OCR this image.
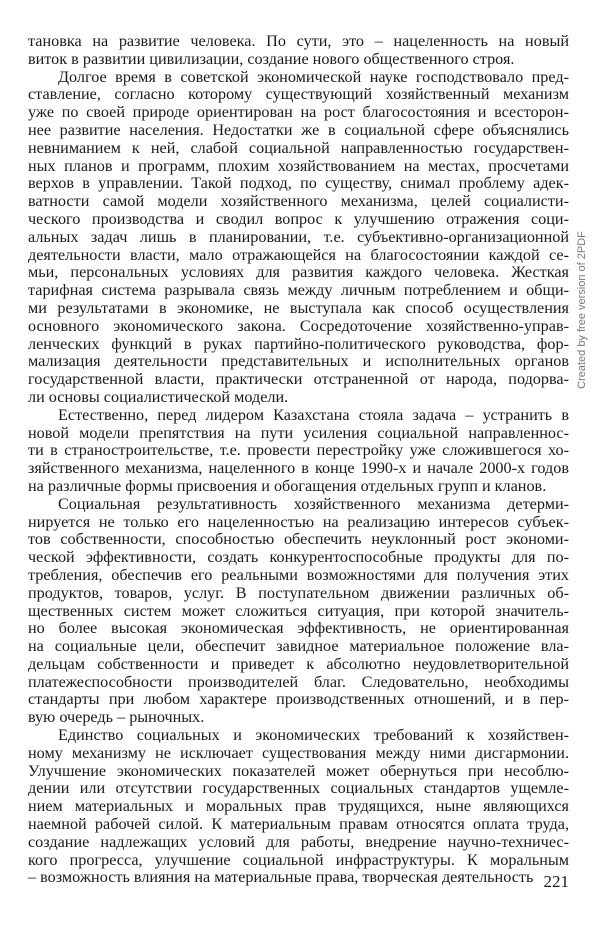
тановка на развитие человека. По сути, это – нацеленность на новый
виток в развитии цивилизации, создание нового общественного строя.
Долгое время в советской экономической науке господствовало пред-
ставление, согласно которому существующий хозяйственный механизм
уже по своей природе ориентирован на рост благосостояния и всесторон-
нее развитие населения. Недостатки же в социальной сфере объяснялись
невниманием к ней, слабой социальной направленностью государствен-
ных планов и программ, плохим хозяйствованием на местах, просчетами
верхов в управлении. Такой подход, по существу, снимал проблему адек-
ватности самой модели хозяйственного механизма, целей социалисти-
ческого производства и сводил вопрос к улучшению отражения соци-
альных задач лишь в планировании, т.е. субъективно-организационной
деятельности власти, мало отражающейся на благосостоянии каждой се-
мьи, персональных условиях для развития каждого человека. Жесткая
тарифная система разрывала связь между личным потреблением и общи-
ми результатами в экономике, не выступала как способ осуществления
основного экономического закона. Сосредоточение хозяйственно-управ-
ленческих функций в руках партийно-политического руководства, фор-
мализация деятельности представительных и исполнительных органов
государственной власти, практически отстраненной от народа, подорва-
ли основы социалистической модели.
Естественно, перед лидером Казахстана стояла задача – устранить в
новой модели препятствия на пути усиления социальной направленнос-
ти в страностроительстве, т.е. провести перестройку уже сложившегося хо-
зяйственного механизма, нацеленного в конце 1990-х и начале 2000-х годов
на различные формы присвоения и обогащения отдельных групп и кланов.
Социальная результативность хозяйственного механизма детерми-
нируется не только его нацеленностью на реализацию интересов субъек-
тов собственности, способностью обеспечить неуклонный рост экономи-
ческой эффективности, создать конкурентоспособные продукты для по-
требления, обеспечив его реальными возможностями для получения этих
продуктов, товаров, услуг. В поступательном движении различных об-
щественных систем может сложиться ситуация, при которой значитель-
но более высокая экономическая эффективность, не ориентированная
на социальные цели, обеспечит завидное материальное положение вла-
дельцам собственности и приведет к абсолютно неудовлетворительной
платежеспособности производителей благ. Следовательно, необходимы
стандарты при любом характере производственных отношений, и в пер-
вую очередь – рыночных.
Единство социальных и экономических требований к хозяйствен-
ному механизму не исключает существования между ними дисгармонии.
Улучшение экономических показателей может обернуться при несоблю-
дении или отсутствии государственных социальных стандартов ущемле-
нием материальных и моральных прав трудящихся, ныне являющихся
наемной рабочей силой. К материальным правам относятся оплата труда,
создание надлежащих условий для работы, внедрение научно-техничес-
кого прогресса, улучшение социальной инфраструктуры. К моральным
– возможность влияния на материальные права, творческая деятельность 221
Created by free version of 2PDF
